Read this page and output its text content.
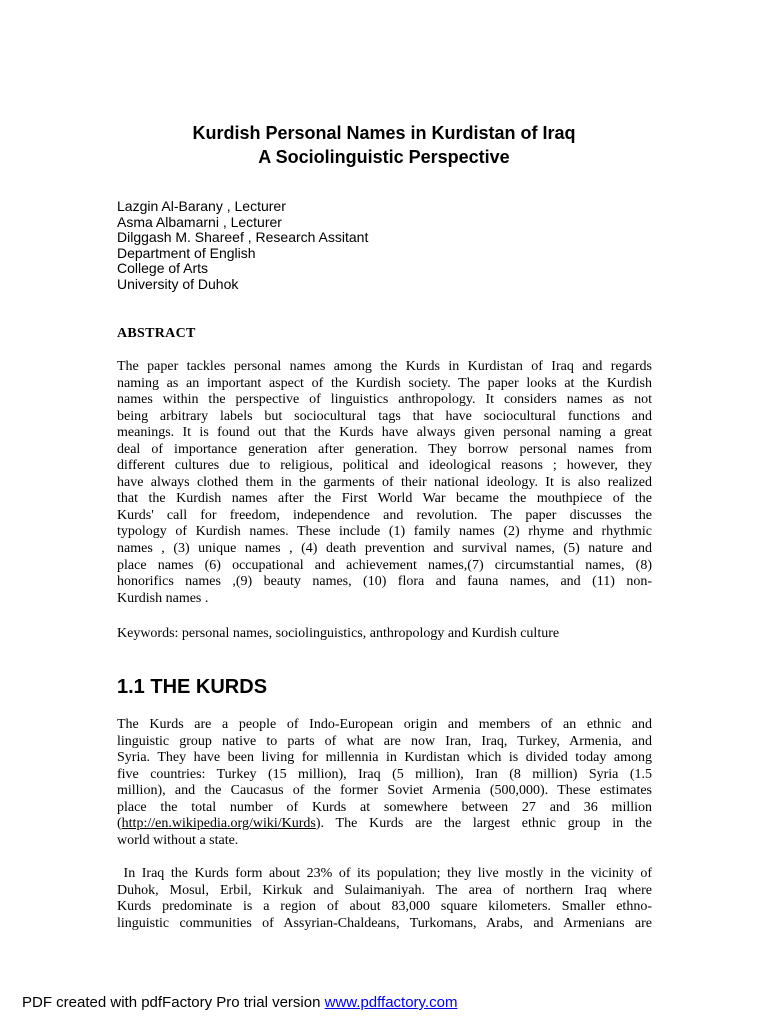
Kurdish Personal Names in Kurdistan of Iraq
A Sociolinguistic Perspective
Lazgin Al-Barany , Lecturer
Asma Albamarni , Lecturer
Dilggash M. Shareef , Research Assitant
Department of English
College of Arts
University of Duhok
ABSTRACT
The paper tackles personal names among the Kurds in Kurdistan of Iraq and regards
naming as an important aspect of the Kurdish society. The paper looks at the Kurdish
names within the perspective of linguistics anthropology. It considers names as not
being arbitrary labels but sociocultural tags that have sociocultural functions and
meanings. It is found out that the Kurds have always given personal naming a great
deal of importance generation after generation. They borrow personal names from
different cultures due to religious, political and ideological reasons ; however, they
have always clothed them in the garments of their national ideology. It is also realized
that the Kurdish names after the First World War became the mouthpiece of the
Kurds' call for freedom, independence and revolution. The paper discusses the
typology of Kurdish names. These include (1) family names (2) rhyme and rhythmic
names , (3) unique names , (4) death prevention and survival names, (5) nature and
place names (6) occupational and achievement names,(7) circumstantial names, (8)
honorifics names ,(9) beauty names, (10) flora and fauna names, and (11) non-
Kurdish names .
Keywords: personal names, sociolinguistics, anthropology and Kurdish culture
1.1 THE KURDS
The Kurds are a people of Indo-European origin and members of an ethnic and
linguistic group native to parts of what are now Iran, Iraq, Turkey, Armenia, and
Syria. They have been living for millennia in Kurdistan which is divided today among
five countries: Turkey (15 million), Iraq (5 million), Iran (8 million) Syria (1.5
million), and the Caucasus of the former Soviet Armenia (500,000). These estimates
place the total number of Kurds at somewhere between 27 and 36 million
(http://en.wikipedia.org/wiki/Kurds). The Kurds are the largest ethnic group in the
world without a state.
In Iraq the Kurds form about 23% of its population; they live mostly in the vicinity of
Duhok, Mosul, Erbil, Kirkuk and Sulaimaniyah. The area of northern Iraq where
Kurds predominate is a region of about 83,000 square kilometers. Smaller ethno-
linguistic communities of Assyrian-Chaldeans, Turkomans, Arabs, and Armenians are
PDF created with pdfFactory Pro trial version www.pdffactory.com
